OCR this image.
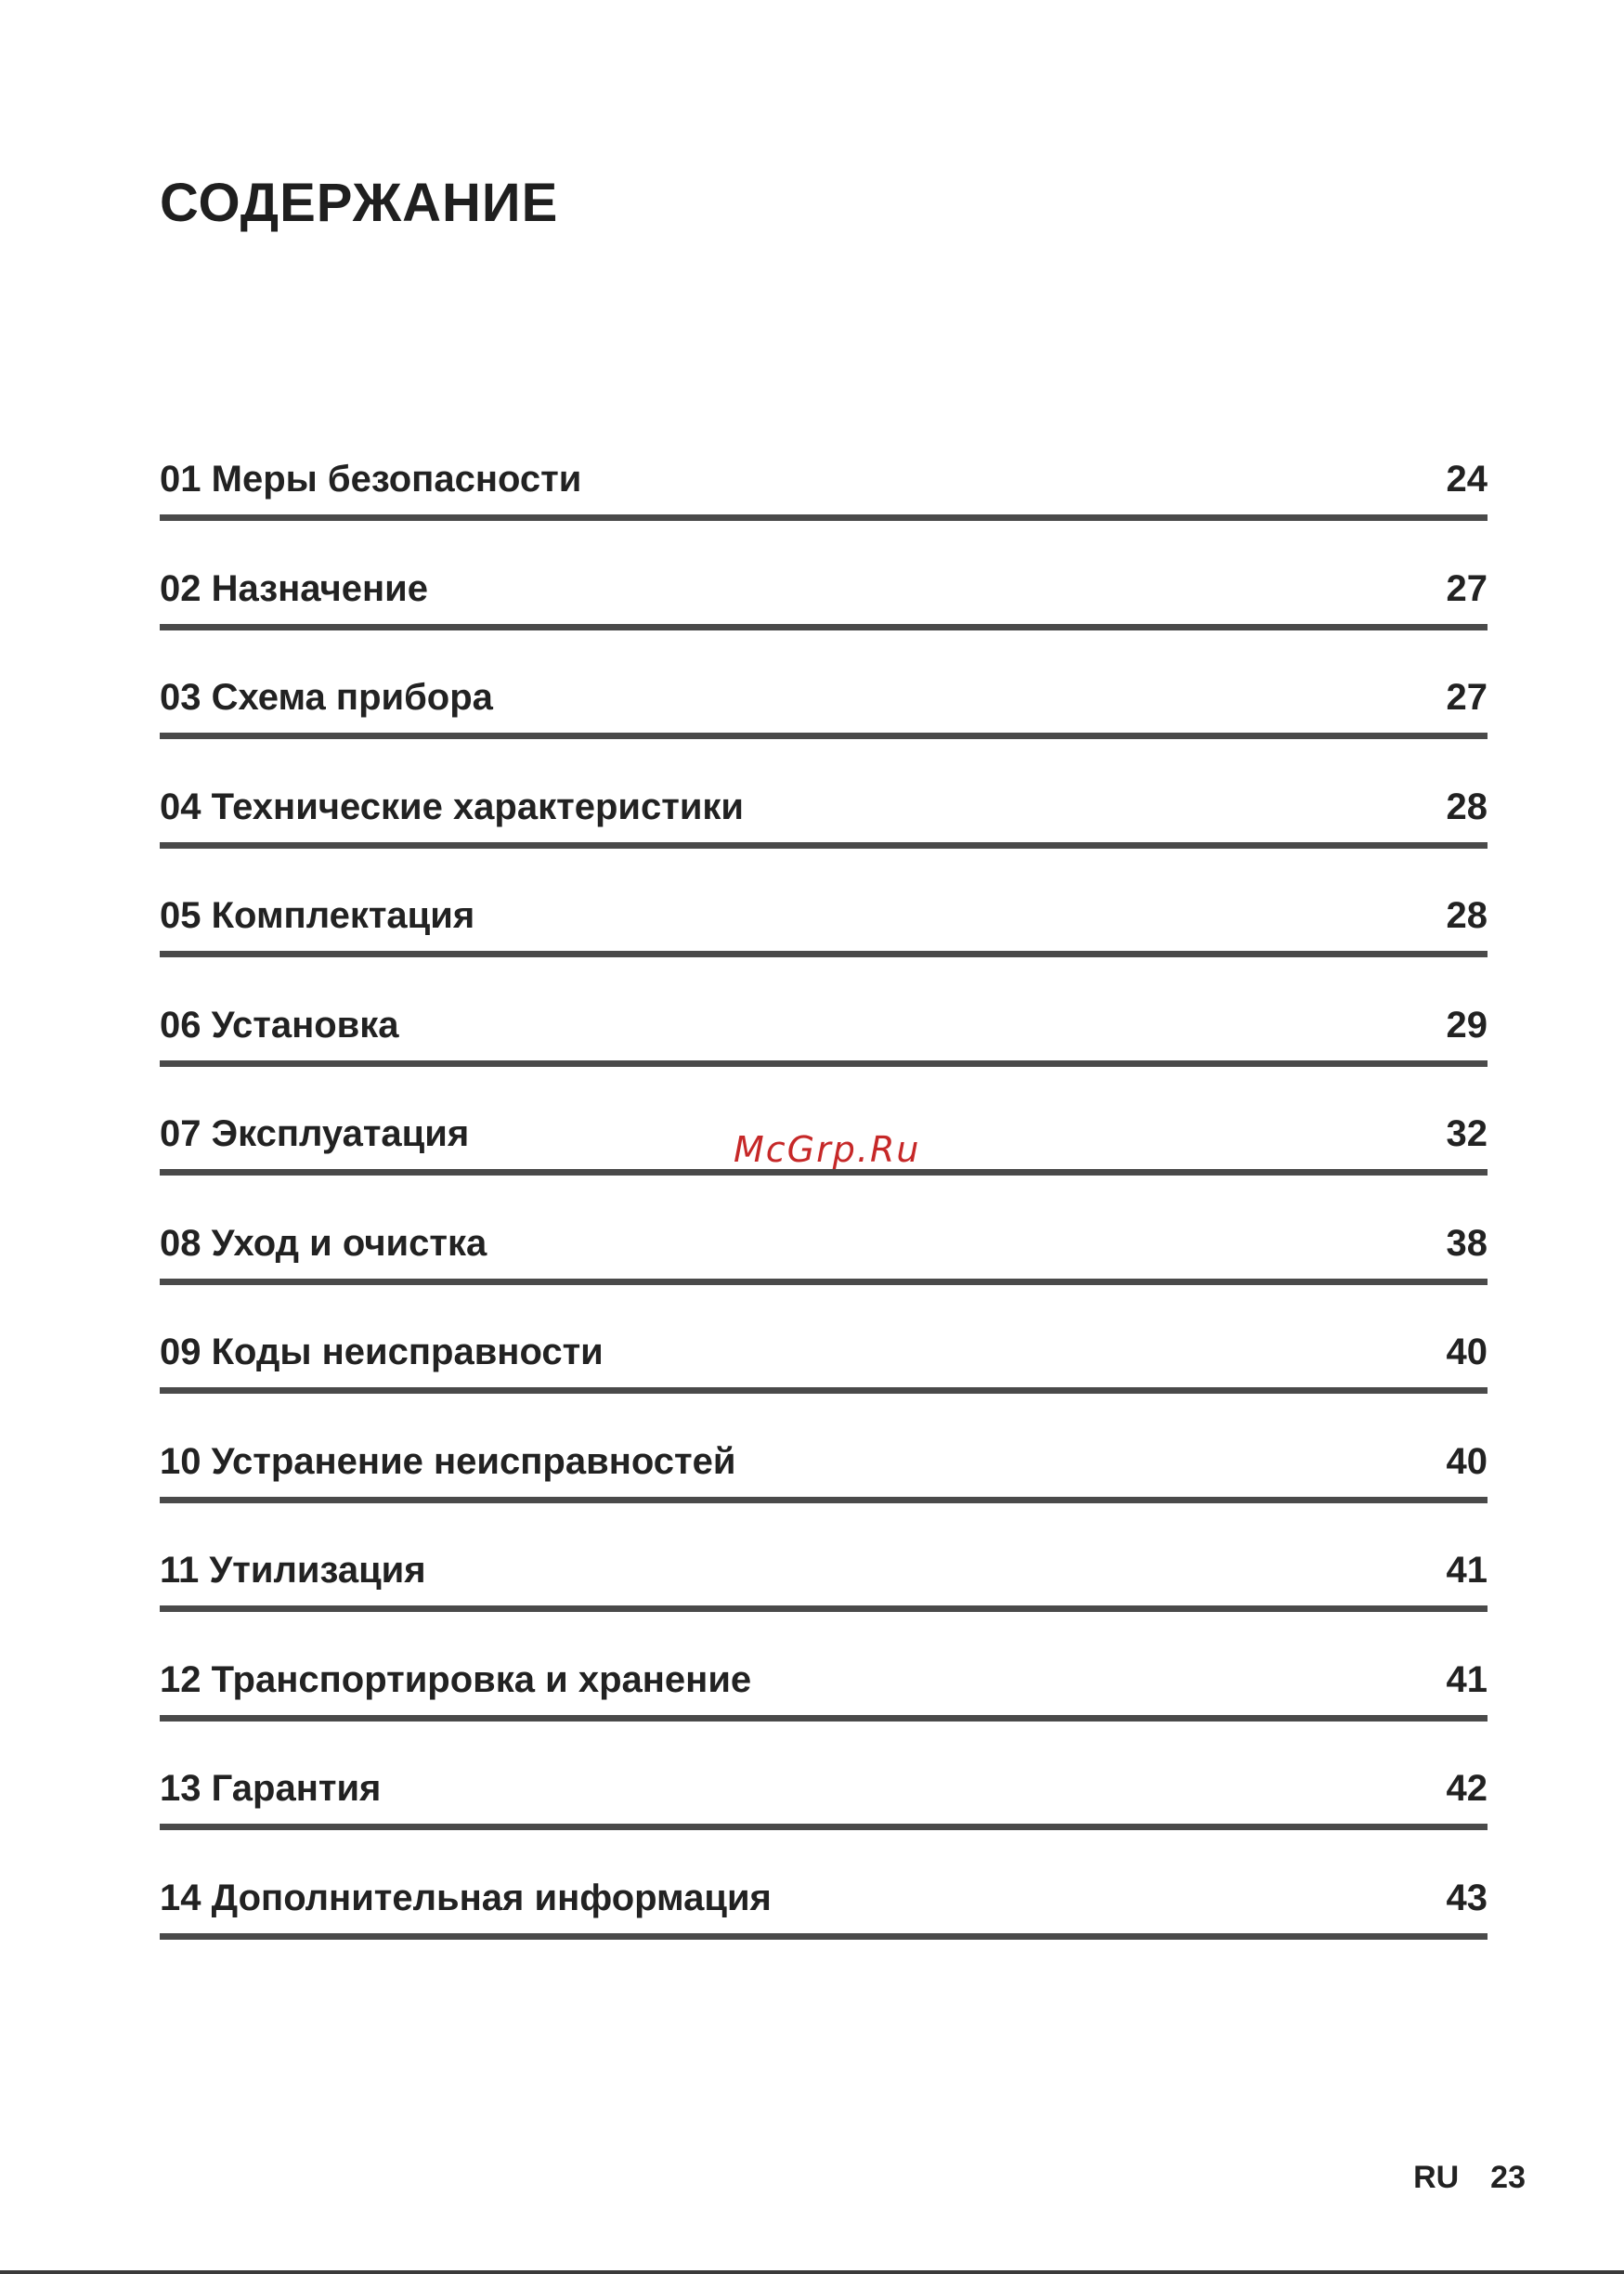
СОДЕРЖАНИЕ
01 Меры безопасности	24
02 Назначение	27
03 Схема прибора	27
04 Технические характеристики	28
05 Комплектация	28
06 Установка	29
07 Эксплуатация	32
08 Уход и очистка	38
09 Коды неисправности	40
10 Устранение неисправностей	40
11 Утилизация	41
12 Транспортировка и хранение	41
13 Гарантия	42
14 Дополнительная информация	43
McGrp.Ru
RU 23
